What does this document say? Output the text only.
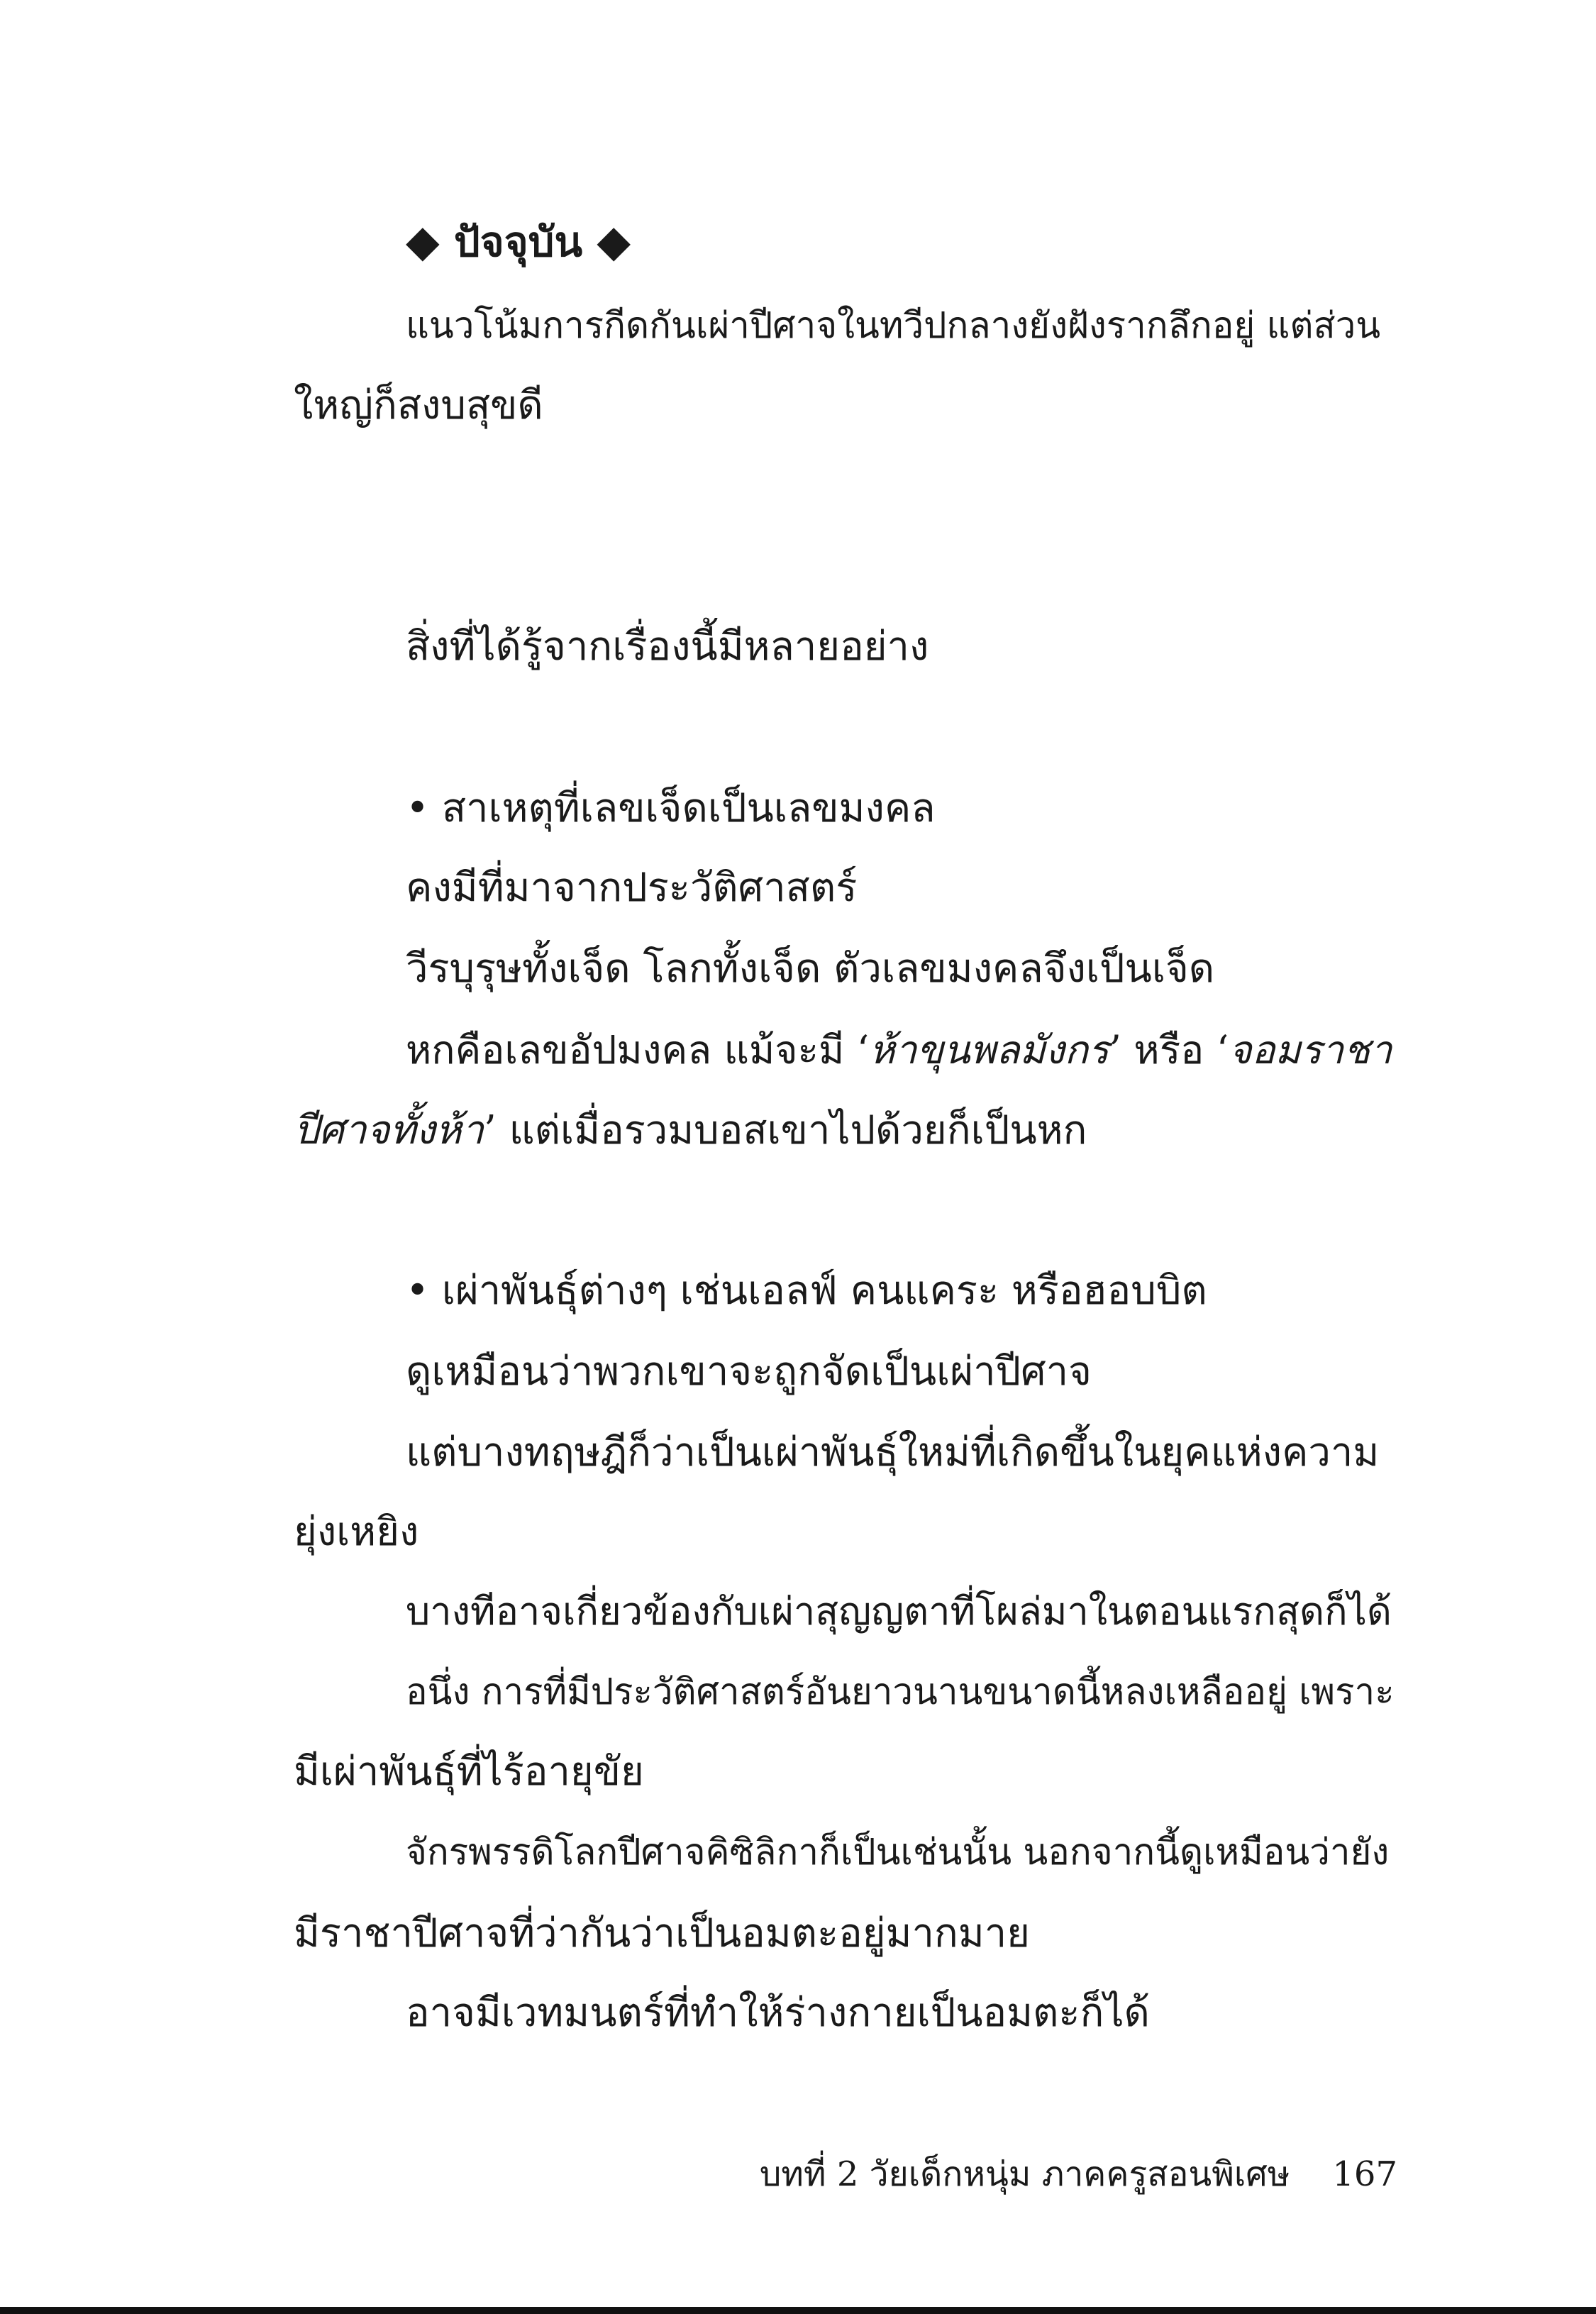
◆ ปัจจุบัน ◆
แนวโน้มการกีดกันเผ่าปีศาจในทวีปกลางยังฝังรากลึกอยู่ แต่ส่วน
ใหญ่ก็สงบสุขดี
สิ่งที่ได้รู้จากเรื่องนี้มีหลายอย่าง
• สาเหตุที่เลขเจ็ดเป็นเลขมงคล
คงมีที่มาจากประวัติศาสตร์
วีรบุรุษทั้งเจ็ด โลกทั้งเจ็ด ตัวเลขมงคลจึงเป็นเจ็ด
หกคือเลขอัปมงคล แม้จะมี ‘ห้าขุนพลมังกร’ หรือ ‘จอมราชา
ปีศาจทั้งห้า’ แต่เมื่อรวมบอสเขาไปด้วยก็เป็นหก
• เผ่าพันธุ์ต่างๆ เช่นเอลฟ์ คนแคระ หรือฮอบบิต
ดูเหมือนว่าพวกเขาจะถูกจัดเป็นเผ่าปีศาจ
แต่บางทฤษฎีก็ว่าเป็นเผ่าพันธุ์ใหม่ที่เกิดขึ้นในยุคแห่งความ
ยุ่งเหยิง
บางทีอาจเกี่ยวข้องกับเผ่าสุญญตาที่โผล่มาในตอนแรกสุดก็ได้
อนึ่ง การที่มีประวัติศาสตร์อันยาวนานขนาดนี้หลงเหลืออยู่ เพราะ
มีเผ่าพันธุ์ที่ไร้อายุขัย
จักรพรรดิโลกปีศาจคิซิลิกาก็เป็นเช่นนั้น นอกจากนี้ดูเหมือนว่ายัง
มีราชาปีศาจที่ว่ากันว่าเป็นอมตะอยู่มากมาย
อาจมีเวทมนตร์ที่ทำให้ร่างกายเป็นอมตะก็ได้
บทที่ 2 วัยเด็กหนุ่ม ภาคครูสอนพิเศษ 167
